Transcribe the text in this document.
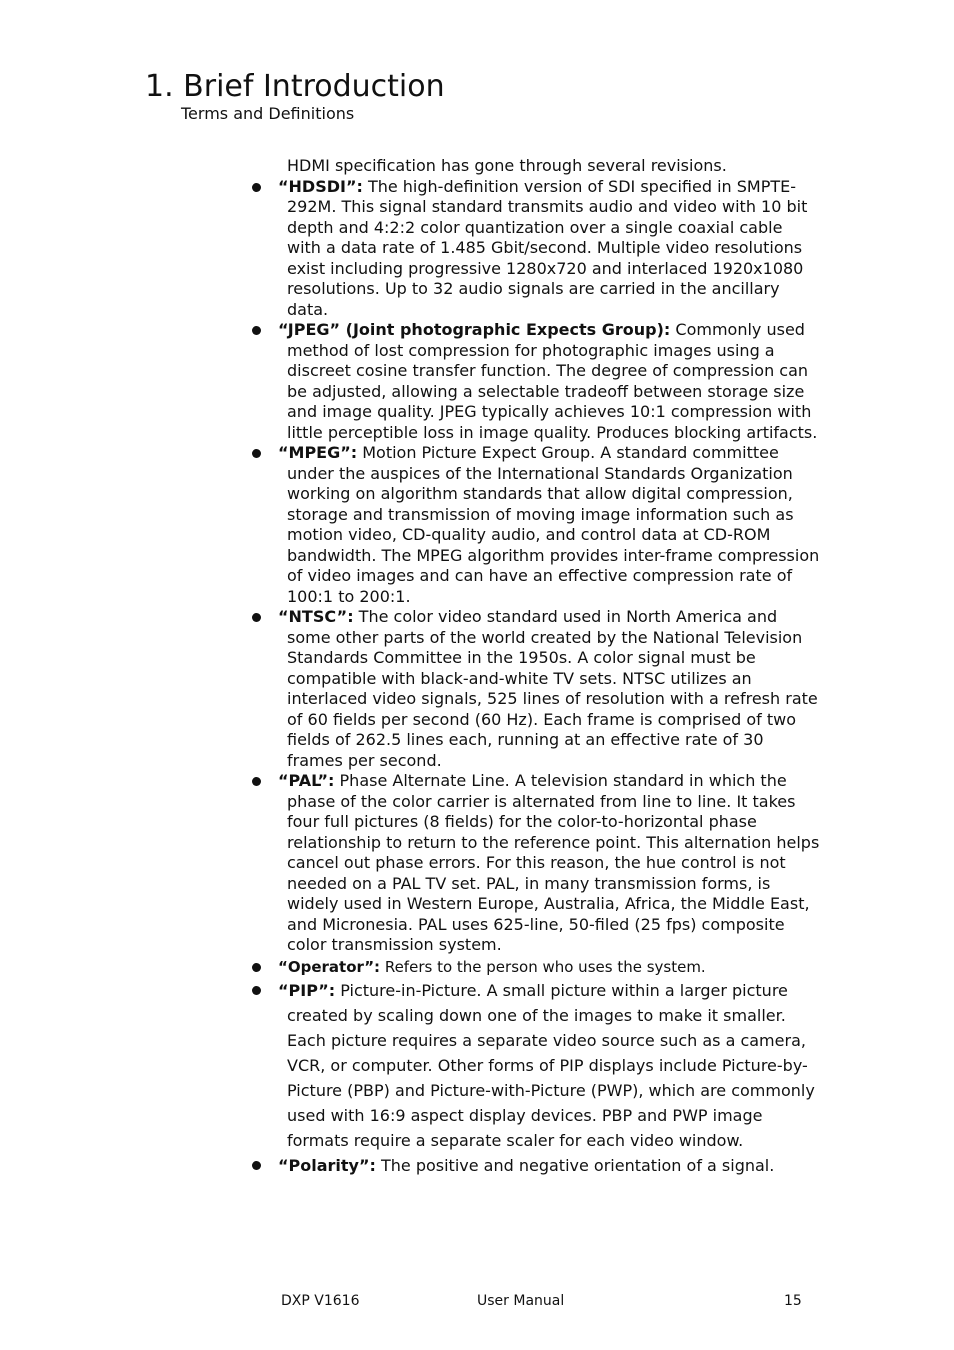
1. Brief Introduction
Terms and Definitions

HDMI specification has gone through several revisions.

“HDSDI”: The high-definition version of SDI specified in SMPTE-292M. This signal standard transmits audio and video with 10 bit depth and 4:2:2 color quantization over a single coaxial cable with a data rate of 1.485 Gbit/second. Multiple video resolutions exist including progressive 1280x720 and interlaced 1920x1080 resolutions. Up to 32 audio signals are carried in the ancillary data.
“JPEG” (Joint photographic Expects Group): Commonly used method of lost compression for photographic images using a discreet cosine transfer function. The degree of compression can be adjusted, allowing a selectable tradeoff between storage size and image quality. JPEG typically achieves 10:1 compression with little perceptible loss in image quality. Produces blocking artifacts.
“MPEG”: Motion Picture Expect Group. A standard committee under the auspices of the International Standards Organization working on algorithm standards that allow digital compression, storage and transmission of moving image information such as motion video, CD-quality audio, and control data at CD-ROM bandwidth. The MPEG algorithm provides inter-frame compression of video images and can have an effective compression rate of 100:1 to 200:1.
“NTSC”: The color video standard used in North America and some other parts of the world created by the National Television Standards Committee in the 1950s. A color signal must be compatible with black-and-white TV sets. NTSC utilizes an interlaced video signals, 525 lines of resolution with a refresh rate of 60 fields per second (60 Hz). Each frame is comprised of two fields of 262.5 lines each, running at an effective rate of 30 frames per second.
“PAL”: Phase Alternate Line. A television standard in which the phase of the color carrier is alternated from line to line. It takes four full pictures (8 fields) for the color-to-horizontal phase relationship to return to the reference point. This alternation helps cancel out phase errors. For this reason, the hue control is not needed on a PAL TV set. PAL, in many transmission forms, is widely used in Western Europe, Australia, Africa, the Middle East, and Micronesia. PAL uses 625-line, 50-filed (25 fps) composite color transmission system.
“Operator”: Refers to the person who uses the system.
“PIP”: Picture-in-Picture. A small picture within a larger picture created by scaling down one of the images to make it smaller. Each picture requires a separate video source such as a camera, VCR, or computer. Other forms of PIP displays include Picture-by-Picture (PBP) and Picture-with-Picture (PWP), which are commonly used with 16:9 aspect display devices. PBP and PWP image formats require a separate scaler for each video window.
“Polarity”: The positive and negative orientation of a signal.
DXP V1616	User Manual	15
